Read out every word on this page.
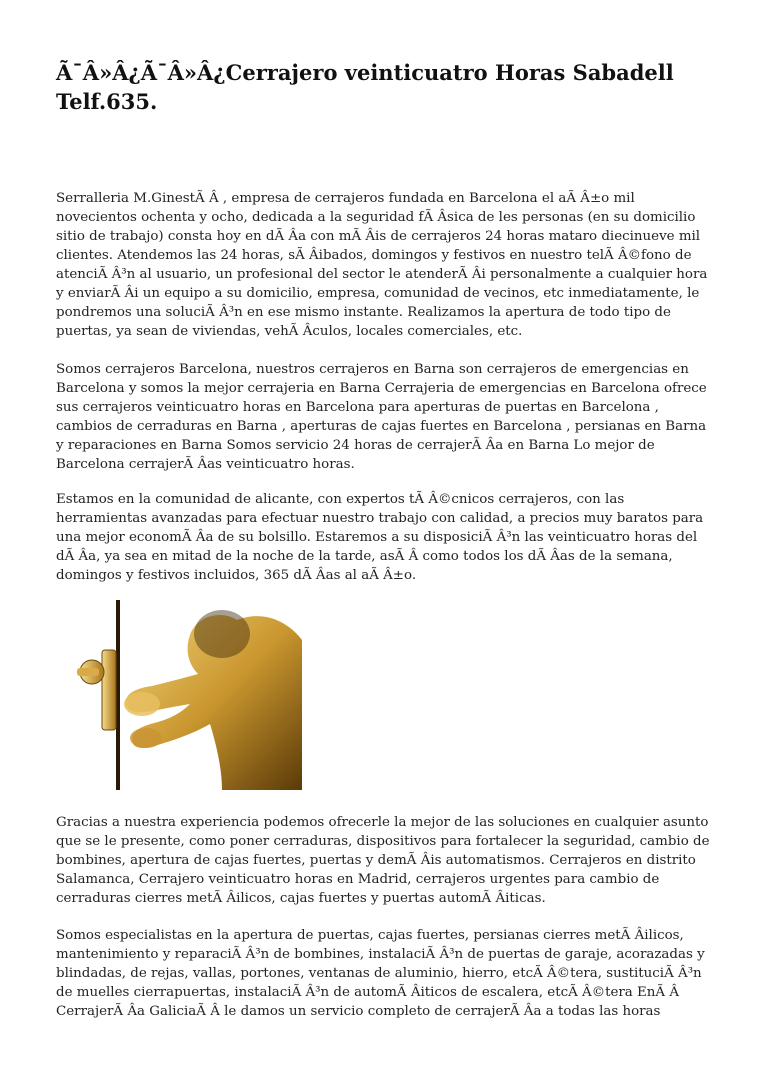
Ã¯Â»Â¿Ã¯Â»Â¿Cerrajero veinticuatro Horas Sabadell Telf.635.

Serralleria M.GinestÃ Â , empresa de cerrajeros fundada en Barcelona el aÃ Â±o mil novecientos ochenta y ocho, dedicada a la seguridad fÃ Âsica de les personas (en su domicilio sitio de trabajo) consta hoy en dÃ Âa con mÃ Âis de cerrajeros 24 horas mataro diecinueve mil clientes. Atendemos las 24 horas, sÃ Âibados, domingos y festivos en nuestro telÃ Â©fono de atenciÃ Â³n al usuario, un profesional del sector le atenderÃ Âi personalmente a cualquier hora y enviarÃ Âi un equipo a su domicilio, empresa, comunidad de vecinos, etc inmediatamente, le pondremos una soluciÃ Â³n en ese mismo instante. Realizamos la apertura de todo tipo de puertas, ya sean de viviendas, vehÃ Âculos, locales comerciales, etc.

Somos cerrajeros Barcelona, nuestros cerrajeros en Barna son cerrajeros de emergencias en Barcelona y somos la mejor cerrajeria en Barna Cerrajeria de emergencias en Barcelona ofrece sus cerrajeros veinticuatro horas en Barcelona para aperturas de puertas en Barcelona , cambios de cerraduras en Barna , aperturas de cajas fuertes en Barcelona , persianas en Barna y reparaciones en Barna Somos servicio 24 horas de cerrajerÃ Âa en Barna Lo mejor de Barcelona cerrajerÃ Âas veinticuatro horas.

Estamos en la comunidad de alicante, con expertos tÃ Â©cnicos cerrajeros, con las herramientas avanzadas para efectuar nuestro trabajo con calidad, a precios muy baratos para una mejor economÃ Âa de su bolsillo. Estaremos a su disposiciÃ Â³n las veinticuatro horas del dÃ Âa, ya sea en mitad de la noche de la tarde, asÃ Â como todos los dÃ Âas de la semana, domingos y festivos incluidos, 365 dÃ Âas al aÃ Â±o.

Gracias a nuestra experiencia podemos ofrecerle la mejor de las soluciones en cualquier asunto que se le presente, como poner cerraduras, dispositivos para fortalecer la seguridad, cambio de bombines, apertura de cajas fuertes, puertas y demÃ Âis automatismos. Cerrajeros en distrito Salamanca, Cerrajero veinticuatro horas en Madrid, cerrajeros urgentes para cambio de cerraduras cierres metÃ Âilicos, cajas fuertes y puertas automÃ Âiticas.

Somos especialistas en la apertura de puertas, cajas fuertes, persianas cierres metÃ Âilicos, mantenimiento y reparaciÃ Â³n de bombines, instalaciÃ Â³n de puertas de garaje, acorazadas y blindadas, de rejas, vallas, portones, ventanas de aluminio, hierro, etcÃ Â©tera, sustituciÃ Â³n de muelles cierrapuertas, instalaciÃ Â³n de automÃ Âiticos de escalera, etcÃ Â©tera EnÃ Â CerrajerÃ Âa GaliciaÃ Â le damos un servicio completo de cerrajerÃ Âa a todas las horas
